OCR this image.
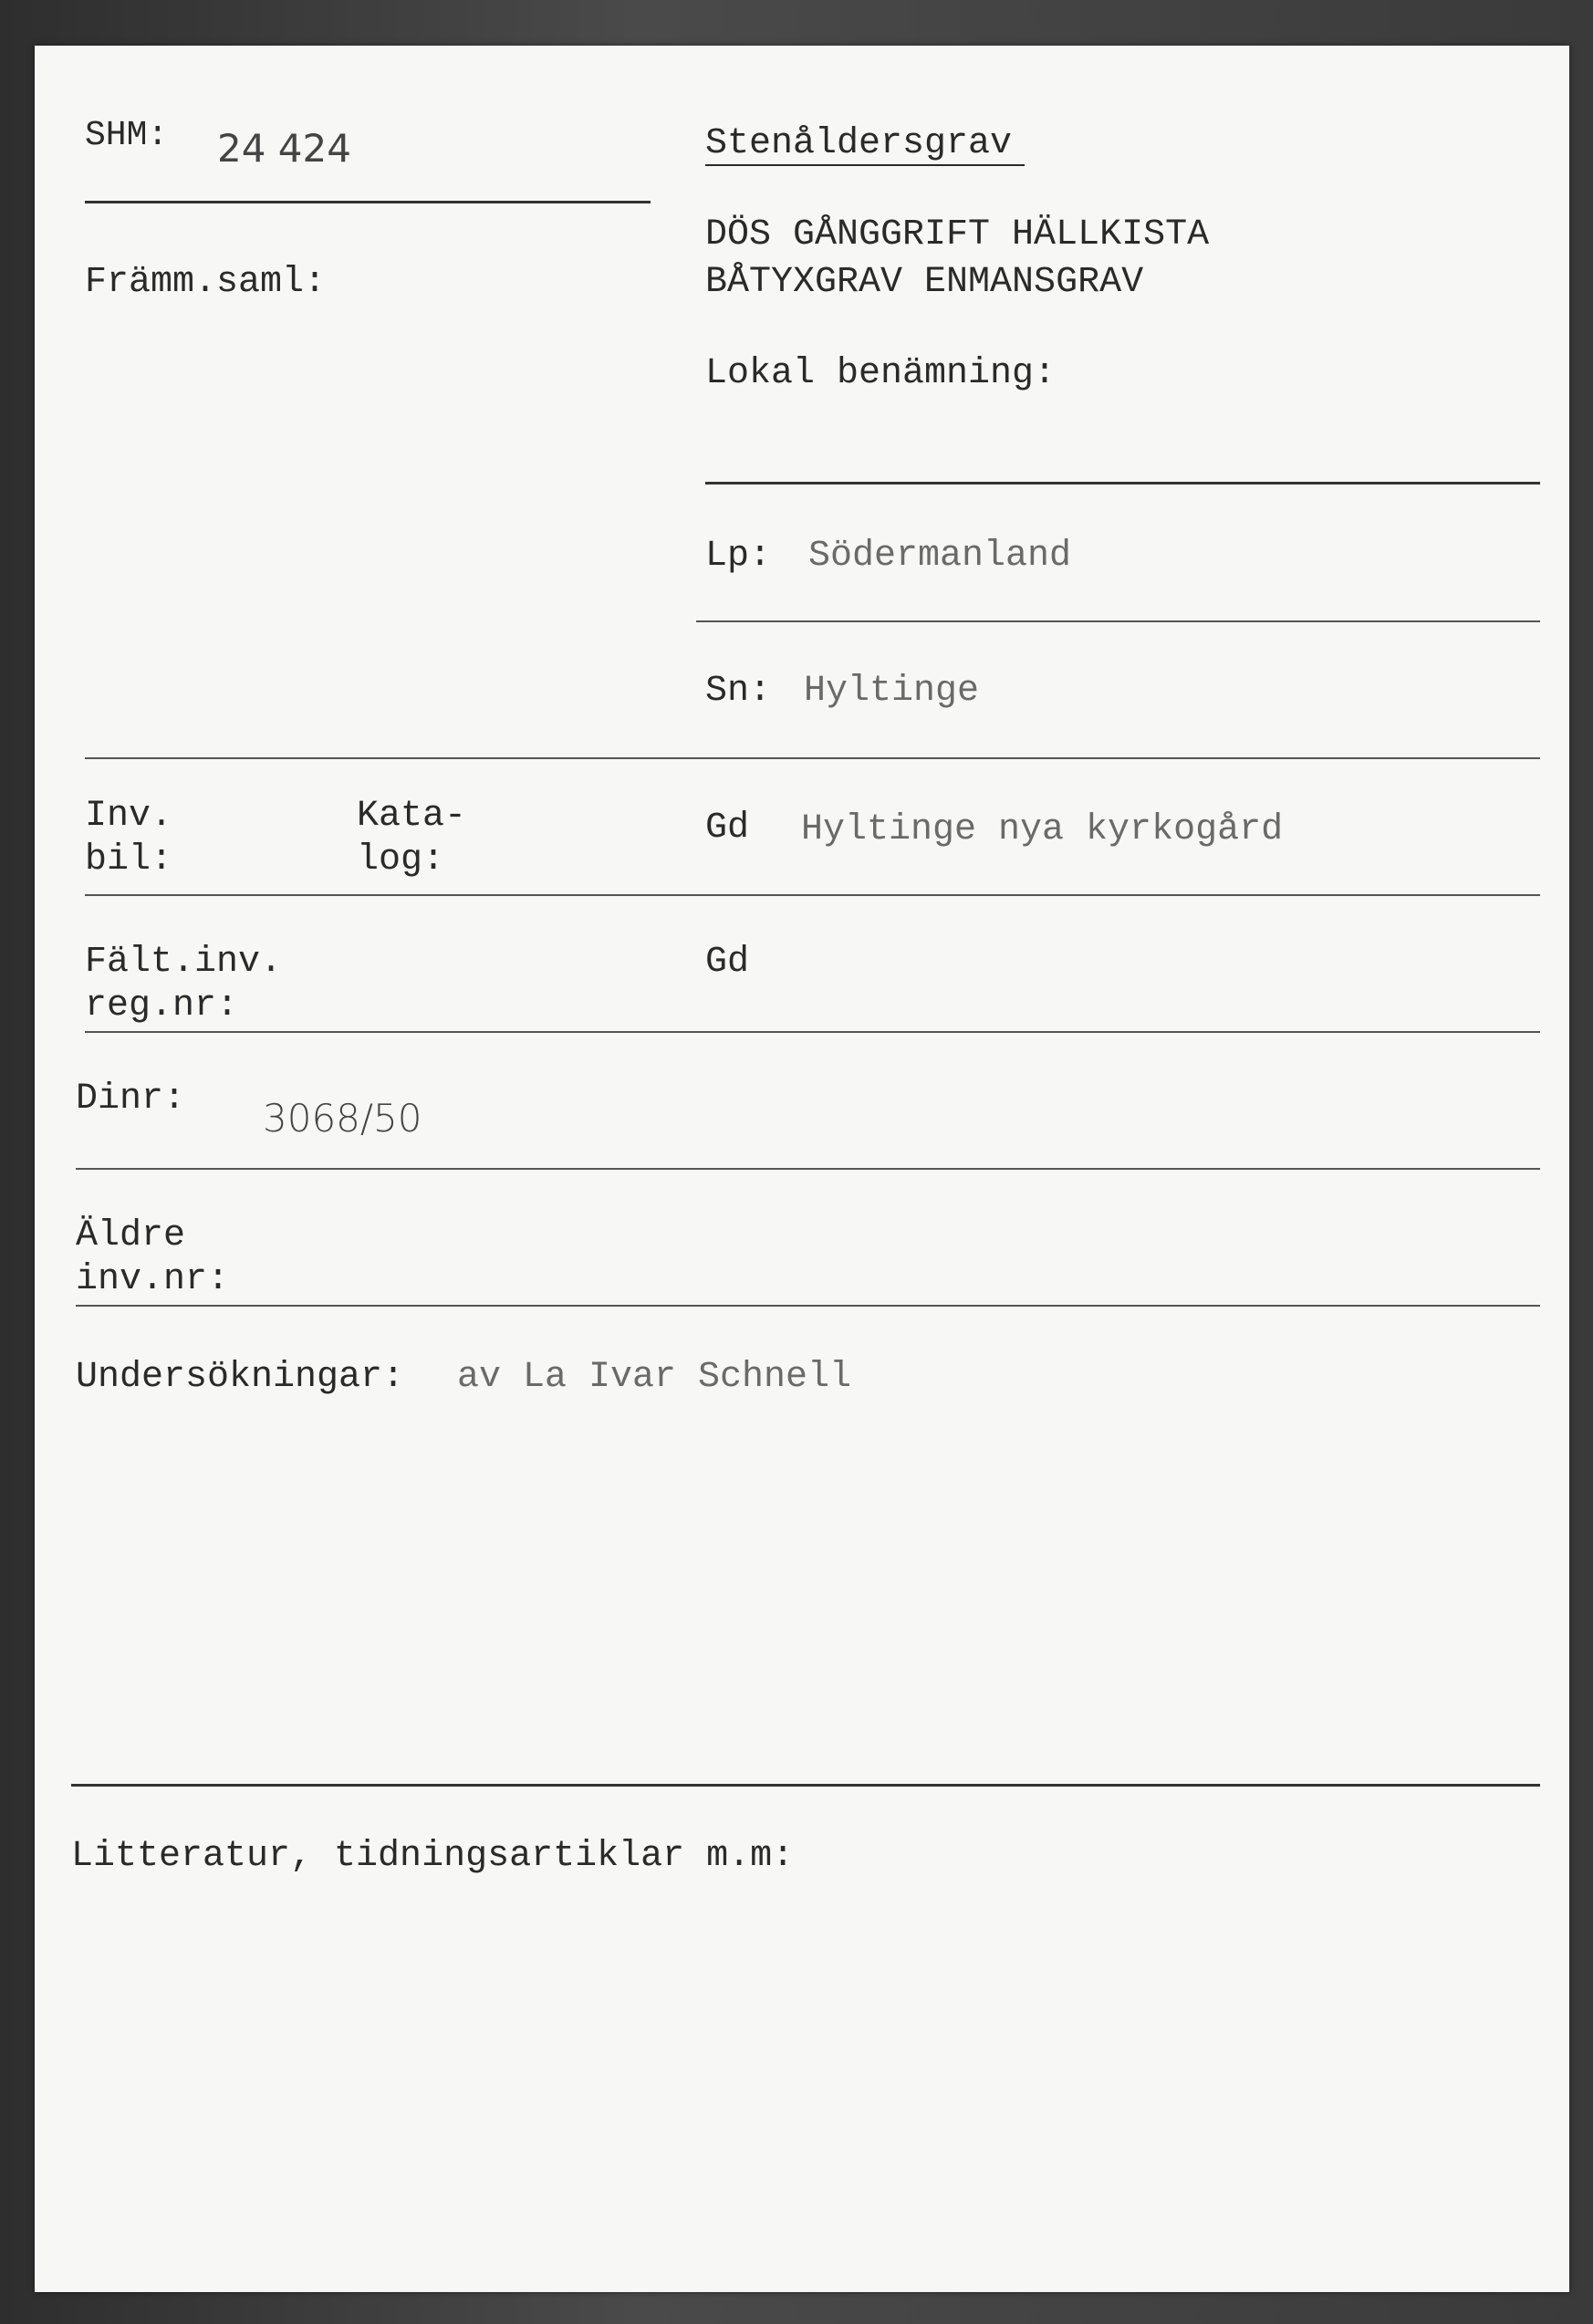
SHM: 24 424
Främm.saml:
Stenåldersgrav
DÖS GÅNGGRIFT HÄLLKISTA
BÅTYXGRAV ENMANSGRAV
Lokal benämning:
Lp: Södermanland
Sn: Hyltinge
Inv.
bil:
Kata-
log:
Gd Hyltinge nya kyrkogård
Fält.inv.
reg.nr:
Gd
Dinr: 3068/50
Äldre
inv.nr:
Undersökningar: av La Ivar Schnell
Litteratur, tidningsartiklar m.m:
